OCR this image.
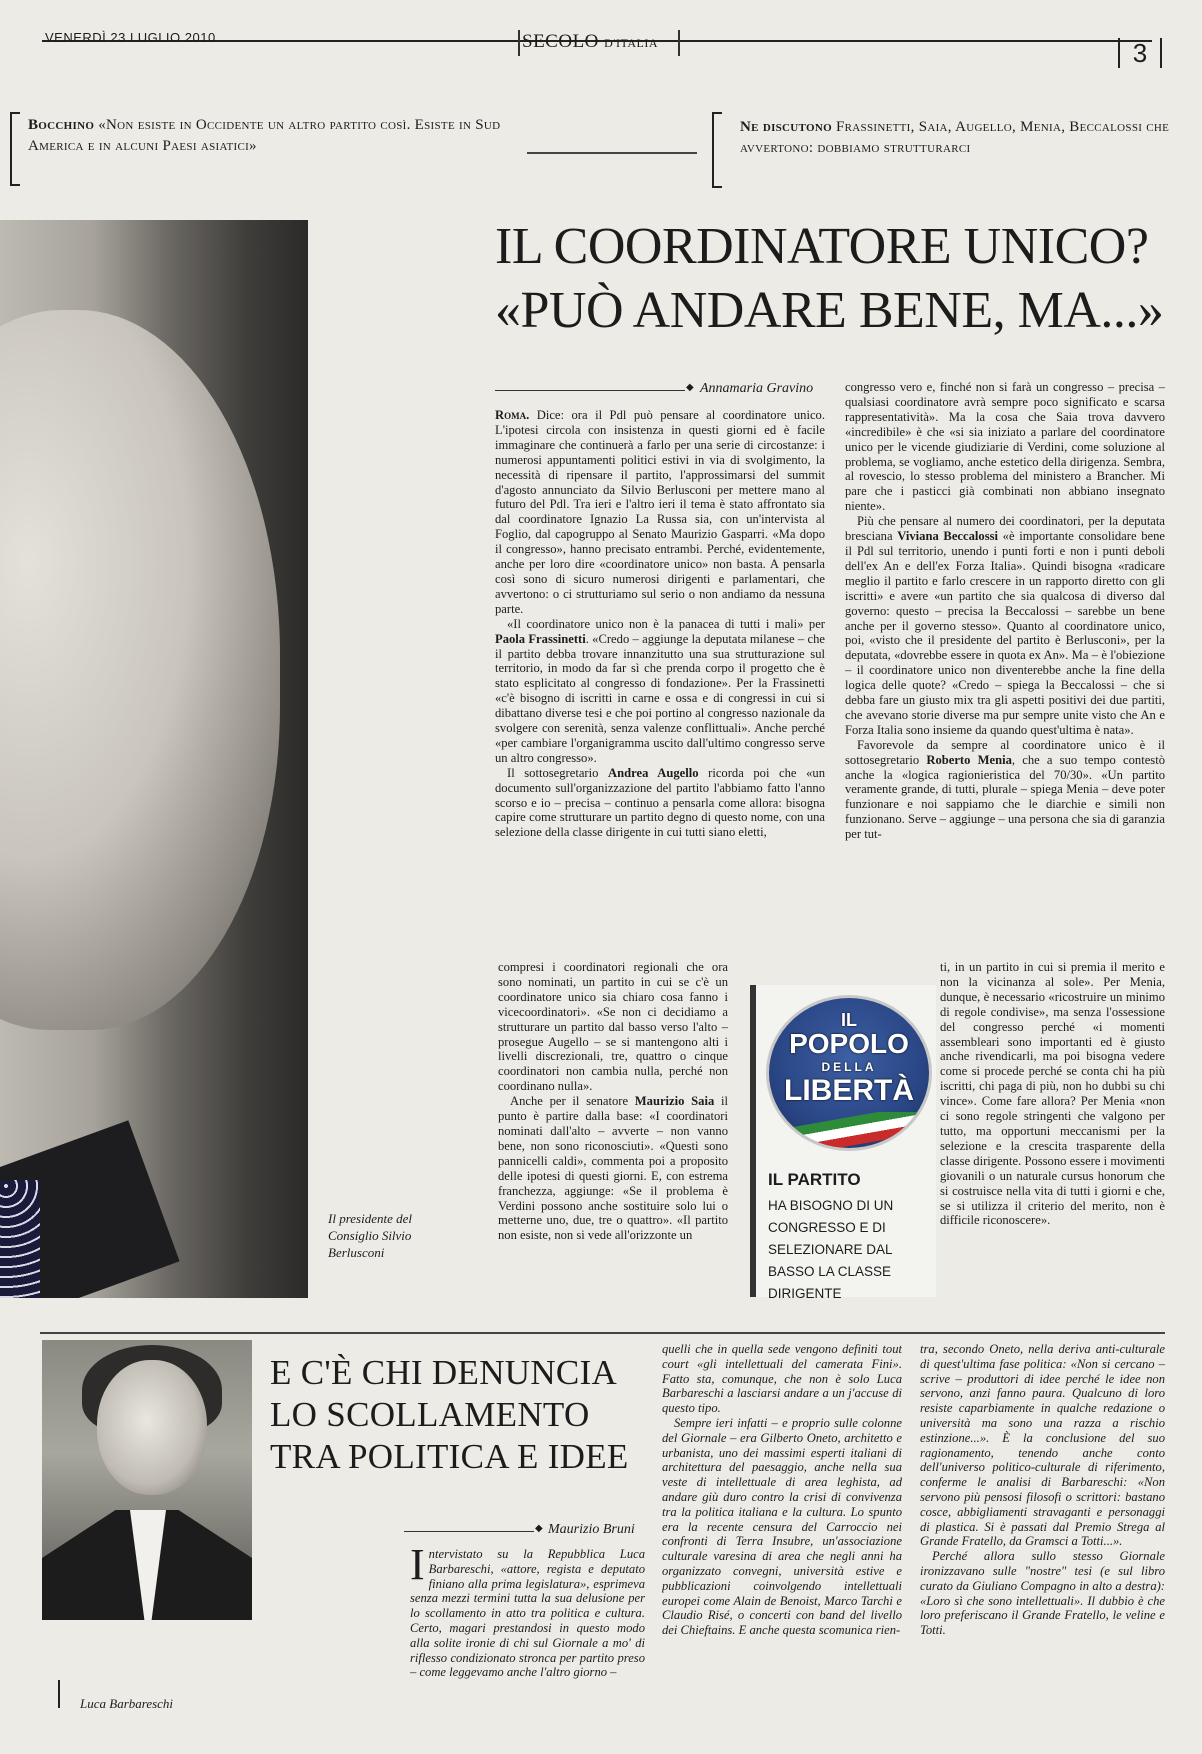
VENERDÌ 23 LUGLIO 2010	SECOLO D'ITALIA	3
Bocchino «Non esiste in Occidente un altro partito così. Esiste in Sud America e in alcuni Paesi asiatici»
Ne discutono Frassinetti, Saia, Augello, Menia, Beccalossi che avvertono: dobbiamo strutturarci
Il presidente del Consiglio Silvio Berlusconi
IL COORDINATORE UNICO?
«PUÒ ANDARE BENE, MA...»
◆ Annamaria Gravino

Roma. Dice: ora il Pdl può pensare al coordinatore unico. L'ipotesi circola con insistenza in questi giorni ed è facile immaginare che continuerà a farlo per una serie di circostanze: i numerosi appuntamenti politici estivi in via di svolgimento, la necessità di ripensare il partito, l'approssimarsi del summit d'agosto annunciato da Silvio Berlusconi per mettere mano al futuro del Pdl. Tra ieri e l'altro ieri il tema è stato affrontato sia dal coordinatore Ignazio La Russa sia, con un'intervista al Foglio, dal capogruppo al Senato Maurizio Gasparri. «Ma dopo il congresso», hanno precisato entrambi. Perché, evidentemente, anche per loro dire «coordinatore unico» non basta. A pensarla così sono di sicuro numerosi dirigenti e parlamentari, che avvertono: o ci strutturiamo sul serio o non andiamo da nessuna parte.

«Il coordinatore unico non è la panacea di tutti i mali» per Paola Frassinetti. «Credo – aggiunge la deputata milanese – che il partito debba trovare innanzitutto una sua strutturazione sul territorio, in modo da far sì che prenda corpo il progetto che è stato esplicitato al congresso di fondazione». Per la Frassinetti «c'è bisogno di iscritti in carne e ossa e di congressi in cui si dibattano diverse tesi e che poi portino al congresso nazionale da svolgere con serenità, senza valenze conflittuali». Anche perché «per cambiare l'organigramma uscito dall'ultimo congresso serve un altro congresso».

Il sottosegretario Andrea Augello ricorda poi che «un documento sull'organizzazione del partito l'abbiamo fatto l'anno scorso e io – precisa – continuo a pensarla come allora: bisogna capire come strutturare un partito degno di questo nome, con una selezione della classe dirigente in cui tutti siano eletti,

congresso vero e, finché non si farà un congresso – precisa – qualsiasi coordinatore avrà sempre poco significato e scarsa rappresentatività». Ma la cosa che Saia trova davvero «incredibile» è che «si sia iniziato a parlare del coordinatore unico per le vicende giudiziarie di Verdini, come soluzione al problema, se vogliamo, anche estetico della dirigenza. Sembra, al rovescio, lo stesso problema del ministero a Brancher. Mi pare che i pasticci già combinati non abbiano insegnato niente».

Più che pensare al numero dei coordinatori, per la deputata bresciana Viviana Beccalossi «è importante consolidare bene il Pdl sul territorio, unendo i punti forti e non i punti deboli dell'ex An e dell'ex Forza Italia». Quindi bisogna «radicare meglio il partito e farlo crescere in un rapporto diretto con gli iscritti» e avere «un partito che sia qualcosa di diverso dal governo: questo – precisa la Beccalossi – sarebbe un bene anche per il governo stesso». Quanto al coordinatore unico, poi, «visto che il presidente del partito è Berlusconi», per la deputata, «dovrebbe essere in quota ex An». Ma – è l'obiezione – il coordinatore unico non diventerebbe anche la fine della logica delle quote? «Credo – spiega la Beccalossi – che si debba fare un giusto mix tra gli aspetti positivi dei due partiti, che avevano storie diverse ma pur sempre unite visto che An e Forza Italia sono insieme da quando quest'ultima è nata».

Favorevole da sempre al coordinatore unico è il sottosegretario Roberto Menia, che a suo tempo contestò anche la «logica ragionieristica del 70/30». «Un partito veramente grande, di tutti, plurale – spiega Menia – deve poter funzionare e noi sappiamo che le diarchie e simili non funzionano. Serve – aggiunge – una persona che sia di garanzia per tut-

compresi i coordinatori regionali che ora sono nominati, un partito in cui se c'è un coordinatore unico sia chiaro cosa fanno i vicecoordinatori». «Se non ci decidiamo a strutturare un partito dal basso verso l'alto – prosegue Augello – se si mantengono alti i livelli discrezionali, tre, quattro o cinque coordinatori non cambia nulla, perché non coordinano nulla».

Anche per il senatore Maurizio Saia il punto è partire dalla base: «I coordinatori nominati dall'alto – avverte – non vanno bene, non sono riconosciuti». «Questi sono pannicelli caldi», commenta poi a proposito delle ipotesi di questi giorni. E, con estrema franchezza, aggiunge: «Se il problema è Verdini possono anche sostituire solo lui o metterne uno, due, tre o quattro». «Il partito non esiste, non si vede all'orizzonte un

ti, in un partito in cui si premia il merito e non la vicinanza al sole». Per Menia, dunque, è necessario «ricostruire un minimo di regole condivise», ma senza l'ossessione del congresso perché «i momenti assembleari sono importanti ed è giusto anche rivendicarli, ma poi bisogna vedere come si procede perché se conta chi ha più iscritti, chi paga di più, non ho dubbi su chi vince». Come fare allora? Per Menia «non ci sono regole stringenti che valgono per tutto, ma opportuni meccanismi per la selezione e la crescita trasparente della classe dirigente. Possono essere i movimenti giovanili o un naturale cursus honorum che si costruisce nella vita di tutti i giorni e che, se si utilizza il criterio del merito, non è difficile riconoscere».

IL
POPOLO
DELLA
LIBERTÀ
IL PARTITO
HA BISOGNO DI UN CONGRESSO E DI SELEZIONARE DAL BASSO LA CLASSE DIRIGENTE
Luca Barbareschi
E C'È CHI DENUNCIA LO SCOLLAMENTO TRA POLITICA E IDEE
◆ Maurizio Bruni

Intervistato su la Repubblica Luca Barbareschi, «attore, regista e deputato finiano alla prima legislatura», esprimeva senza mezzi termini tutta la sua delusione per lo scollamento in atto tra politica e cultura. Certo, magari prestandosi in questo modo alla solite ironie di chi sul Giornale a mo' di riflesso condizionato stronca per partito preso – come leggevamo anche l'altro giorno –

quelli che in quella sede vengono definiti tout court «gli intellettuali del camerata Fini». Fatto sta, comunque, che non è solo Luca Barbareschi a lasciarsi andare a un j'accuse di questo tipo.

Sempre ieri infatti – e proprio sulle colonne del Giornale – era Gilberto Oneto, architetto e urbanista, uno dei massimi esperti italiani di architettura del paesaggio, anche nella sua veste di intellettuale di area leghista, ad andare giù duro contro la crisi di convivenza tra la politica italiana e la cultura. Lo spunto era la recente censura del Carroccio nei confronti di Terra Insubre, un'associazione culturale varesina di area che negli anni ha organizzato convegni, università estive e pubblicazioni coinvolgendo intellettuali europei come Alain de Benoist, Marco Tarchi e Claudio Risé, o concerti con band del livello dei Chieftains. E anche questa scomunica rien-

tra, secondo Oneto, nella deriva anti-culturale di quest'ultima fase politica: «Non si cercano – scrive – produttori di idee perché le idee non servono, anzi fanno paura. Qualcuno di loro resiste caparbiamente in qualche redazione o università ma sono una razza a rischio estinzione...». È la conclusione del suo ragionamento, tenendo anche conto dell'universo politico-culturale di riferimento, conferme le analisi di Barbareschi: «Non servono più pensosi filosofi o scrittori: bastano cosce, abbigliamenti stravaganti e personaggi di plastica. Si è passati dal Premio Strega al Grande Fratello, da Gramsci a Totti...».

Perché allora sullo stesso Giornale ironizzavano sulle "nostre" tesi (e sul libro curato da Giuliano Compagno in alto a destra): «Loro sì che sono intellettuali». Il dubbio è che loro preferiscano il Grande Fratello, le veline e Totti.
